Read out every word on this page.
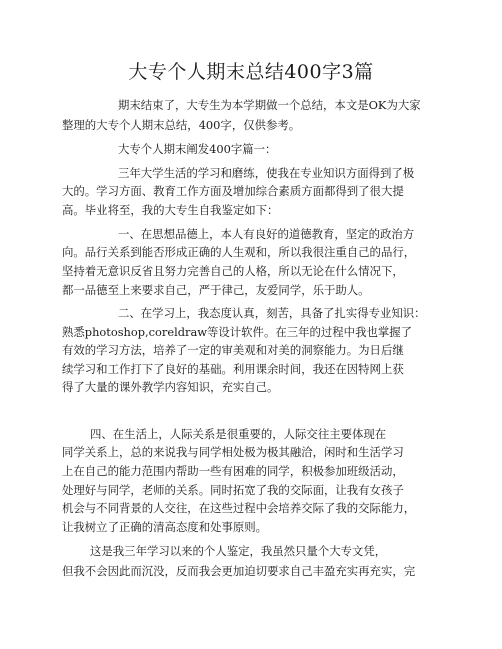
大专个人期末总结400字3篇
期末结束了，大专生为本学期做一个总结，本文是OK为大家
整理的大专个人期末总结，400字，仅供参考。
大专个人期末阐发400字篇一：
三年大学生活的学习和磨练，使我在专业知识方面得到了极
大的。学习方面、教育工作方面及增加综合素质方面都得到了很大提
高。毕业将至，我的大专生自我鉴定如下：
一、在思想品德上，本人有良好的道德教育，坚定的政治方
向。品行关系到能否形成正确的人生观和，所以我很注重自己的品行，
坚持着无意识反省且努力完善自己的人格，所以无论在什么情况下，
都一品德至上来要求自己，严于律己，友爱同学，乐于助人。
二、在学习上，我态度认真，刻苦，具备了扎实得专业知识：
熟悉photoshop,coreldraw等设计软件。在三年的过程中我也掌握了
有效的学习方法，培养了一定的审美观和对美的洞察能力。为日后继
续学习和工作打下了良好的基础。利用课余时间，我还在因特网上获
得了大量的课外教学内容知识，充实自己。
四、在生活上，人际关系是很重要的，人际交往主要体现在
同学关系上，总的来说我与同学相处极为极其融洽，闲时和生活学习
上在自己的能力范围内帮助一些有困难的同学，积极参加班级活动，
处理好与同学，老师的关系。同时拓宽了我的交际面，让我有女孩子
机会与不同背景的人交往，在这些过程中会培养交际了我的交际能力，
让我树立了正确的清高态度和处事原则。
这是我三年学习以来的个人鉴定，我虽然只量个大专文凭，
但我不会因此而沉没，反而我会更加迫切要求自己丰盈充实再充实，完
